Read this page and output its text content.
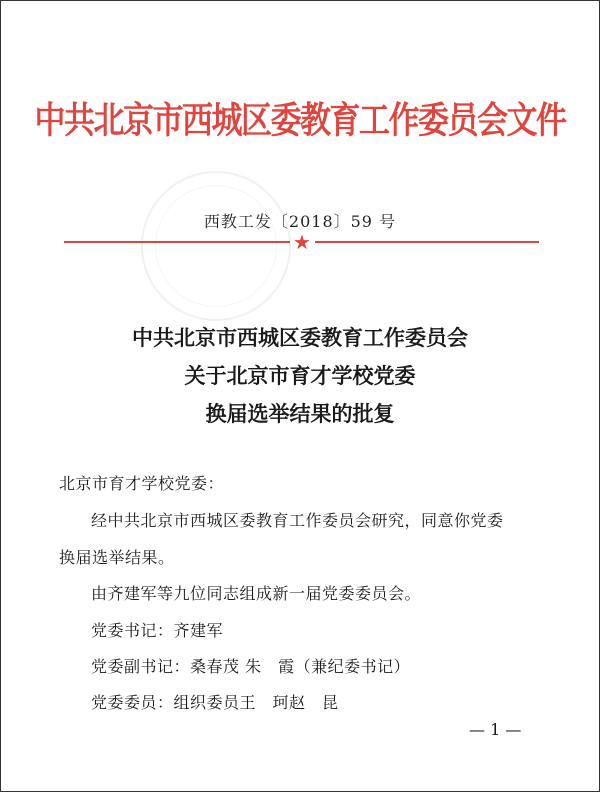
中共北京市西城区委教育工作委员会文件
西教工发〔2018〕59 号
★
中共北京市西城区委教育工作委员会
关于北京市育才学校党委
换届选举结果的批复
北京市育才学校党委：
经中共北京市西城区委教育工作委员会研究，同意你党委
换届选举结果。
由齐建军等九位同志组成新一届党委委员会。
党委书记：齐建军
党委副书记：桑春茂 朱　霞（兼纪委书记）
党委委员：组织委员王　珂赵　昆
— 1 —
